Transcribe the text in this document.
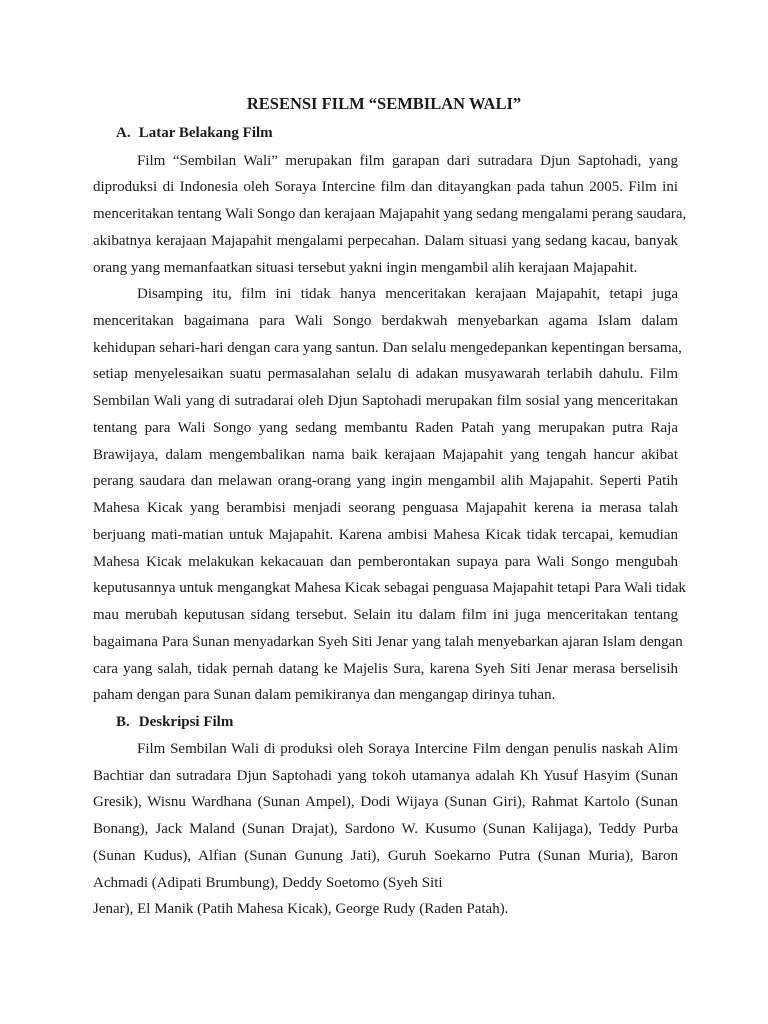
RESENSI FILM “SEMBILAN WALI”
A. Latar Belakang Film

Film “Sembilan Wali” merupakan film garapan dari sutradara Djun Saptohadi, yang

diproduksi di Indonesia oleh Soraya Intercine film dan ditayangkan pada tahun 2005. Film ini

menceritakan tentang Wali Songo dan kerajaan Majapahit yang sedang mengalami perang saudara,

akibatnya kerajaan Majapahit mengalami perpecahan. Dalam situasi yang sedang kacau, banyak

orang yang memanfaatkan situasi tersebut yakni ingin mengambil alih kerajaan Majapahit.

Disamping itu, film ini tidak hanya menceritakan kerajaan Majapahit, tetapi juga

menceritakan bagaimana para Wali Songo berdakwah menyebarkan agama Islam dalam

kehidupan sehari-hari dengan cara yang santun. Dan selalu mengedepankan kepentingan bersama,

setiap menyelesaikan suatu permasalahan selalu di adakan musyawarah terlabih dahulu. Film

Sembilan Wali yang di sutradarai oleh Djun Saptohadi merupakan film sosial yang menceritakan

tentang para Wali Songo yang sedang membantu Raden Patah yang merupakan putra Raja

Brawijaya, dalam mengembalikan nama baik kerajaan Majapahit yang tengah hancur akibat

perang saudara dan melawan orang-orang yang ingin mengambil alih Majapahit. Seperti Patih

Mahesa Kicak yang berambisi menjadi seorang penguasa Majapahit kerena ia merasa talah

berjuang mati-matian untuk Majapahit. Karena ambisi Mahesa Kicak tidak tercapai, kemudian

Mahesa Kicak melakukan kekacauan dan pemberontakan supaya para Wali Songo mengubah

keputusannya untuk mengangkat Mahesa Kicak sebagai penguasa Majapahit tetapi Para Wali tidak

mau merubah keputusan sidang tersebut. Selain itu dalam film ini juga menceritakan tentang

bagaimana Para Sunan menyadarkan Syeh Siti Jenar yang talah menyebarkan ajaran Islam dengan

cara yang salah, tidak pernah datang ke Majelis Sura, karena Syeh Siti Jenar merasa berselisih

paham dengan para Sunan dalam pemikiranya dan mengangap dirinya tuhan.

B. Deskripsi Film

Film Sembilan Wali di produksi oleh Soraya Intercine Film dengan penulis naskah Alim

Bachtiar dan sutradara Djun Saptohadi yang tokoh utamanya adalah Kh Yusuf Hasyim (Sunan

Gresik), Wisnu Wardhana (Sunan Ampel), Dodi Wijaya (Sunan Giri), Rahmat Kartolo (Sunan

Bonang), Jack Maland (Sunan Drajat), Sardono W. Kusumo (Sunan Kalijaga), Teddy Purba

(Sunan Kudus), Alfian (Sunan Gunung Jati), Guruh Soekarno Putra (Sunan Muria), Baron

Achmadi (Adipati Brumbung), Deddy Soetomo (Syeh Siti

Jenar), El Manik (Patih Mahesa Kicak), George Rudy (Raden Patah).
